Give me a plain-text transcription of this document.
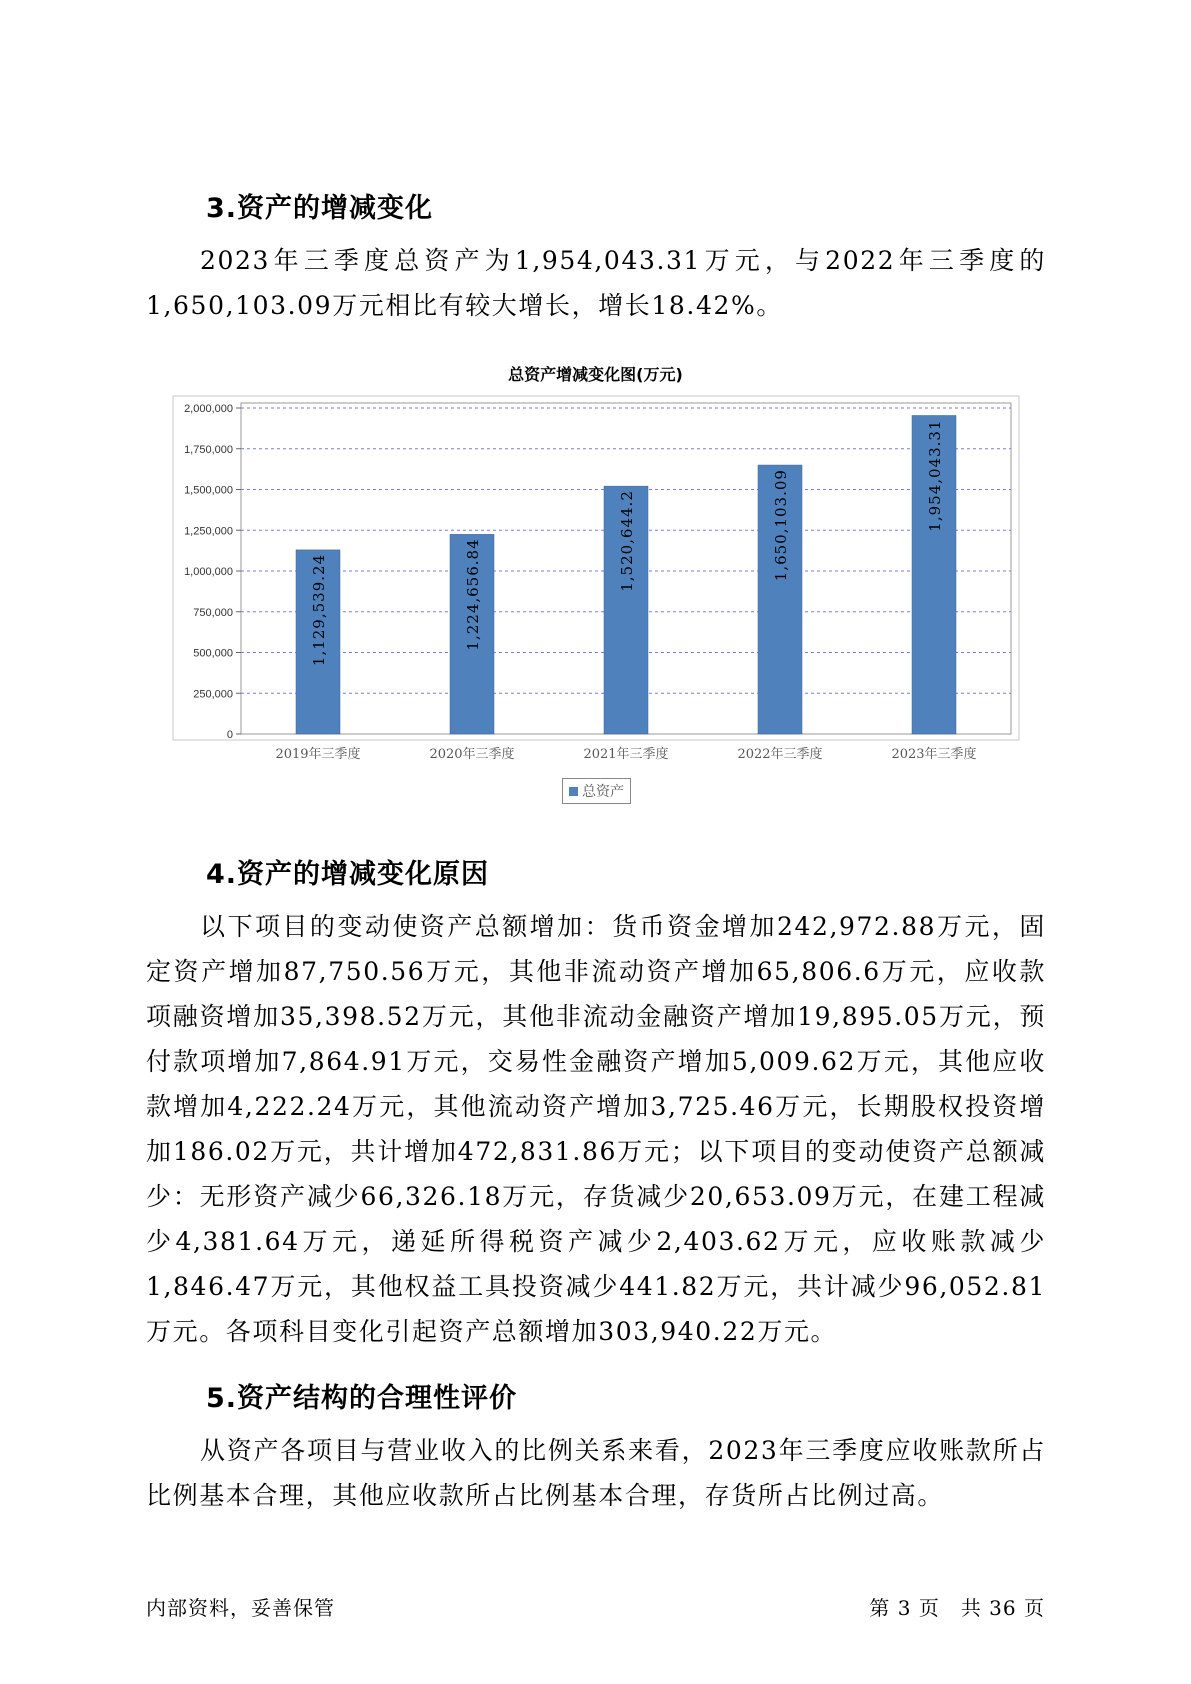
3.资产的增减变化

2023年三季度总资产为1,954,043.31万元，与2022年三季度的1,650,103.09万元相比有较大增长，增长18.42%。

总资产增减变化图(万元)
0
250,000
500,000
750,000
1,000,000
1,250,000
1,500,000
1,750,000
2,000,000
1,129,539.24	1,224,656.84	1,520,644.2	1,650,103.09	1,954,043.31
2019年三季度	2020年三季度	2021年三季度	2022年三季度	2023年三季度
总资产
4.资产的增减变化原因

以下项目的变动使资产总额增加：货币资金增加242,972.88万元，固定资产增加87,750.56万元，其他非流动资产增加65,806.6万元，应收款项融资增加35,398.52万元，其他非流动金融资产增加19,895.05万元，预付款项增加7,864.91万元，交易性金融资产增加5,009.62万元，其他应收款增加4,222.24万元，其他流动资产增加3,725.46万元，长期股权投资增加186.02万元，共计增加472,831.86万元；以下项目的变动使资产总额减少：无形资产减少66,326.18万元，存货减少20,653.09万元，在建工程减少4,381.64万元，递延所得税资产减少2,403.62万元，应收账款减少1,846.47万元，其他权益工具投资减少441.82万元，共计减少96,052.81万元。各项科目变化引起资产总额增加303,940.22万元。

5.资产结构的合理性评价

从资产各项目与营业收入的比例关系来看，2023年三季度应收账款所占比例基本合理，其他应收款所占比例基本合理，存货所占比例过高。

内部资料，妥善保管	第 3 页　共 36 页
